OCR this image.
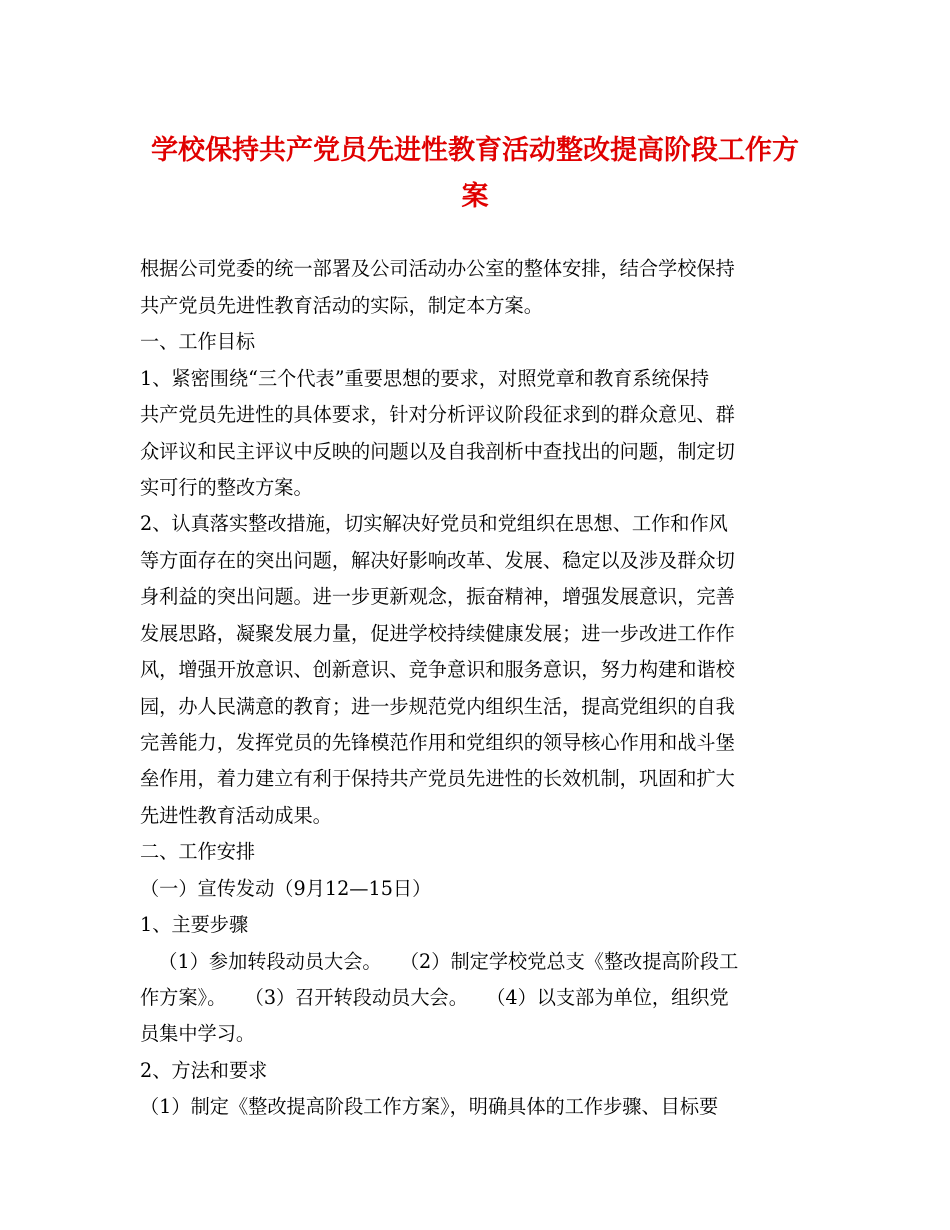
学校保持共产党员先进性教育活动整改提高阶段工作方
案
根据公司党委的统一部署及公司活动办公室的整体安排，结合学校保持
共产党员先进性教育活动的实际，制定本方案。
一、工作目标
1、紧密围绕“三个代表”重要思想的要求，对照党章和教育系统保持
共产党员先进性的具体要求，针对分析评议阶段征求到的群众意见、群
众评议和民主评议中反映的问题以及自我剖析中查找出的问题，制定切
实可行的整改方案。
2、认真落实整改措施，切实解决好党员和党组织在思想、工作和作风
等方面存在的突出问题，解决好影响改革、发展、稳定以及涉及群众切
身利益的突出问题。进一步更新观念，振奋精神，增强发展意识，完善
发展思路，凝聚发展力量，促进学校持续健康发展；进一步改进工作作
风，增强开放意识、创新意识、竞争意识和服务意识，努力构建和谐校
园，办人民满意的教育；进一步规范党内组织生活，提高党组织的自我
完善能力，发挥党员的先锋模范作用和党组织的领导核心作用和战斗堡
垒作用，着力建立有利于保持共产党员先进性的长效机制，巩固和扩大
先进性教育活动成果。
二、工作安排
（一）宣传发动（9月12—15日）
1、主要步骤
（1）参加转段动员大会。   （2）制定学校党总支《整改提高阶段工
作方案》。   （3）召开转段动员大会。   （4）以支部为单位，组织党
员集中学习。
2、方法和要求
（1）制定《整改提高阶段工作方案》，明确具体的工作步骤、目标要
